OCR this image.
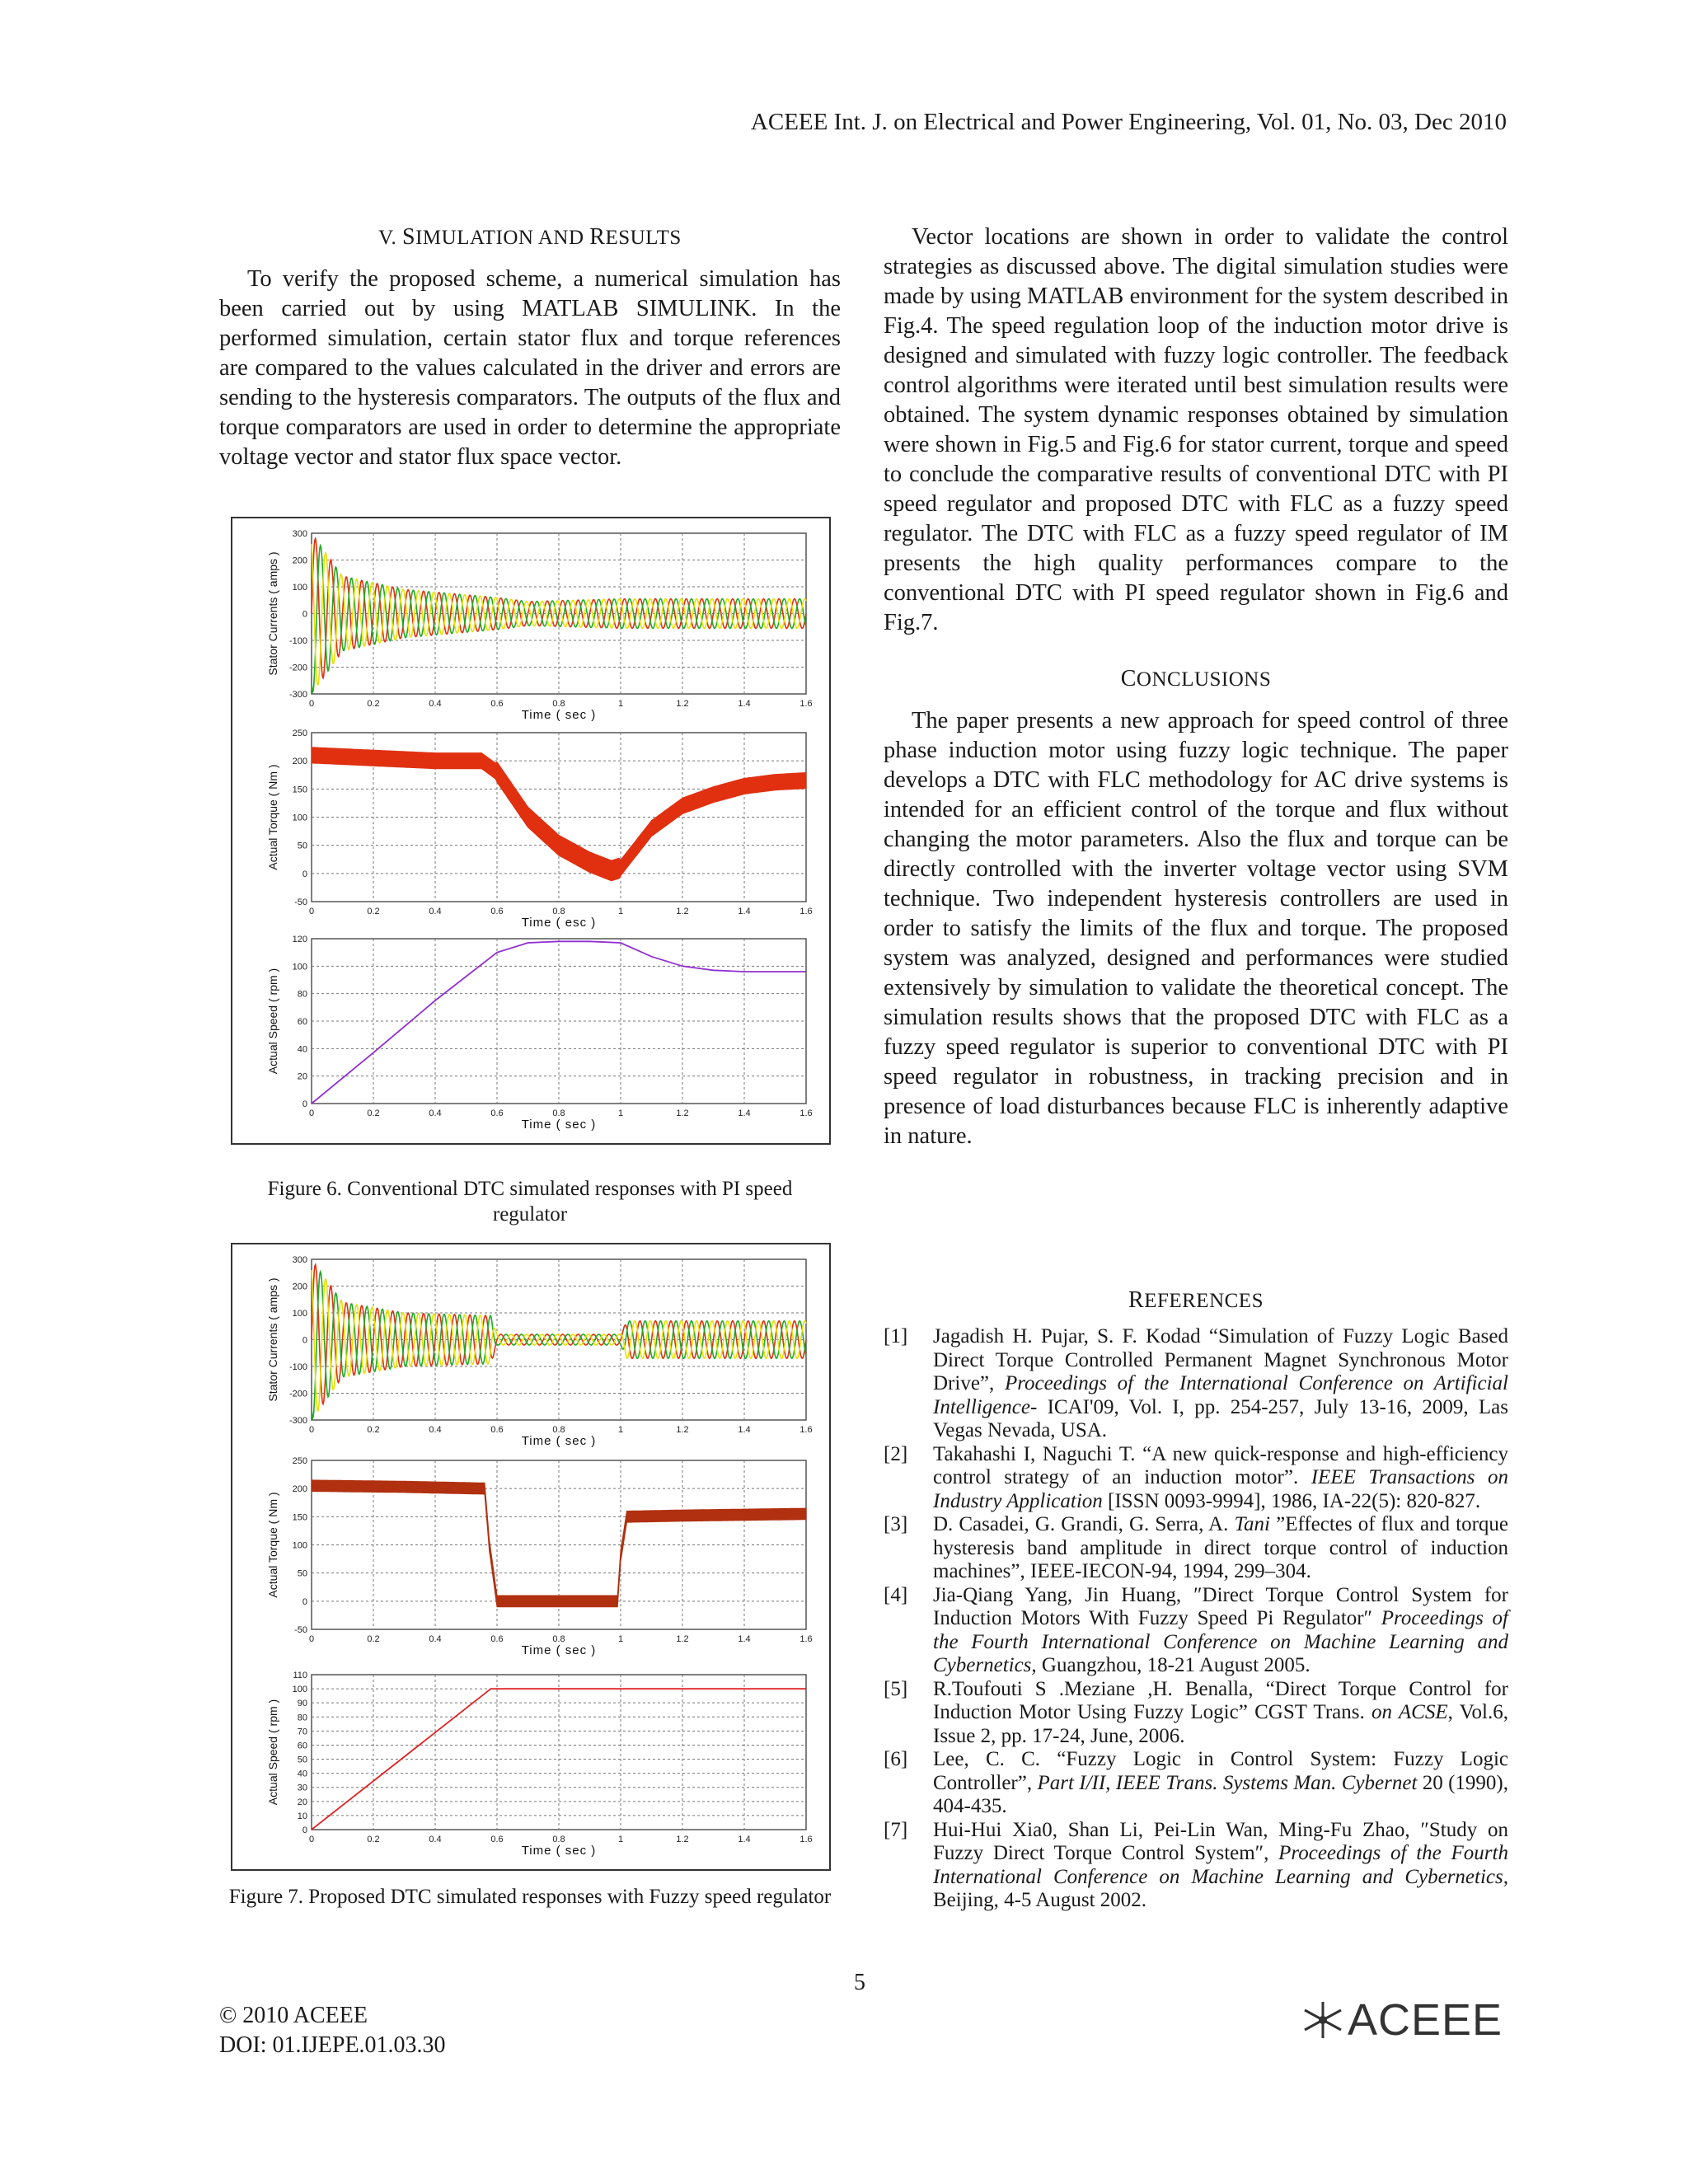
ACEEE Int. J. on Electrical and Power Engineering, Vol. 01, No. 03, Dec 2010
V. SIMULATION AND RESULTS

To verify the proposed scheme, a numerical simulation has been carried out by using MATLAB SIMULINK. In the performed simulation, certain stator flux and torque references are compared to the values calculated in the driver and errors are sending to the hysteresis comparators. The outputs of the flux and torque comparators are used in order to determine the appropriate voltage vector and stator flux space vector.

0	0.2	0.4	0.6	0.8	1	1.2	1.4	1.6
300
200
100
0
-100
-200
-300
Time ( sec )
Stator Currents ( amps )
0	0.2	0.4	0.6	0.8	1	1.2	1.4	1.6
250
200
150
100
50
0
-50
Time ( esc )
Actual Torque ( Nm )
0	0.2	0.4	0.6	0.8	1	1.2	1.4	1.6
120
100
80
60
40
20
0
Time ( sec )
Actual Speed ( rpm )
Figure 6. Conventional DTC simulated responses with PI speed
regulator
0	0.2	0.4	0.6	0.8	1	1.2	1.4	1.6
300
200
100
0
-100
-200
-300
Time ( sec )
Stator Currents ( amps )
0	0.2	0.4	0.6	0.8	1	1.2	1.4	1.6
250
200
150
100
50
0
-50
Time ( sec )
Actual Torque ( Nm )
0	0.2	0.4	0.6	0.8	1	1.2	1.4	1.6
110
100
90
80
70
60
50
40
30
20
10
0
Time ( sec )
Actual Speed ( rpm )
Figure 7. Proposed DTC simulated responses with Fuzzy speed regulator

Vector locations are shown in order to validate the control strategies as discussed above. The digital simulation studies were made by using MATLAB environment for the system described in Fig.4. The speed regulation loop of the induction motor drive is designed and simulated with fuzzy logic controller. The feedback control algorithms were iterated until best simulation results were obtained. The system dynamic responses obtained by simulation were shown in Fig.5 and Fig.6 for stator current, torque and speed to conclude the comparative results of conventional DTC with PI speed regulator and proposed DTC with FLC as a fuzzy speed regulator. The DTC with FLC as a fuzzy speed regulator of IM presents the high quality performances compare to the conventional DTC with PI speed regulator shown in Fig.6 and Fig.7.

CONCLUSIONS

The paper presents a new approach for speed control of three phase induction motor using fuzzy logic technique. The paper develops a DTC with FLC methodology for AC drive systems is intended for an efficient control of the torque and flux without changing the motor parameters. Also the flux and torque can be directly controlled with the inverter voltage vector using SVM technique. Two independent hysteresis controllers are used in order to satisfy the limits of the flux and torque. The proposed system was analyzed, designed and performances were studied extensively by simulation to validate the theoretical concept. The simulation results shows that the proposed DTC with FLC as a fuzzy speed regulator is superior to conventional DTC with PI speed regulator in robustness, in tracking precision and in presence of load disturbances because FLC is inherently adaptive in nature.

REFERENCES
[1] Jagadish H. Pujar, S. F. Kodad “Simulation of Fuzzy Logic Based Direct Torque Controlled Permanent Magnet Synchronous Motor Drive”, Proceedings of the International Conference on Artificial Intelligence- ICAI'09, Vol. I, pp. 254-257, July 13-16, 2009, Las Vegas Nevada, USA.
[2] Takahashi I, Naguchi T. “A new quick-response and high-efficiency control strategy of an induction motor”. IEEE Transactions on Industry Application [ISSN 0093-9994], 1986, IA-22(5): 820-827.
[3] D. Casadei, G. Grandi, G. Serra, A. Tani ”Effectes of flux and torque hysteresis band amplitude in direct torque control of induction machines”, IEEE-IECON-94, 1994, 299–304.
[4] Jia-Qiang Yang, Jin Huang, ″Direct Torque Control System for Induction Motors With Fuzzy Speed Pi Regulator″ Proceedings of the Fourth International Conference on Machine Learning and Cybernetics, Guangzhou, 18-21 August 2005.
[5] R.Toufouti S .Meziane ,H. Benalla, “Direct Torque Control for Induction Motor Using Fuzzy Logic” CGST Trans. on ACSE, Vol.6, Issue 2, pp. 17-24, June, 2006.
[6] Lee, C. C. “Fuzzy Logic in Control System: Fuzzy Logic Controller”, Part I/II, IEEE Trans. Systems Man. Cybernet 20 (1990), 404-435.
[7] Hui-Hui Xia0, Shan Li, Pei-Lin Wan, Ming-Fu Zhao, ″Study on Fuzzy Direct Torque Control System″, Proceedings of the Fourth International Conference on Machine Learning and Cybernetics, Beijing, 4-5 August 2002.
5
© 2010 ACEEE
DOI: 01.IJEPE.01.03.30
ACEEE
